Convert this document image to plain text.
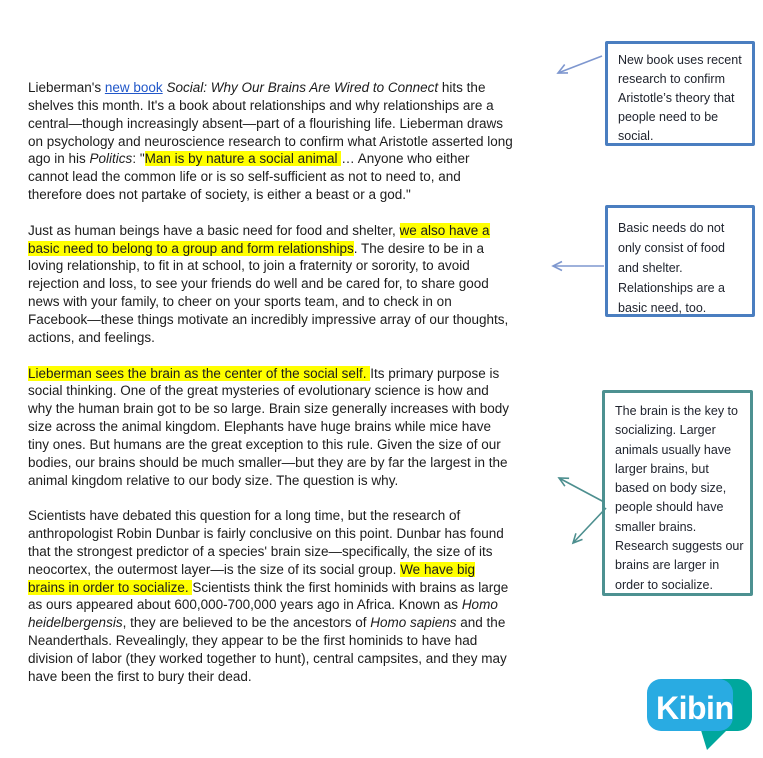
Lieberman's new book Social: Why Our Brains Are Wired to Connect hits the
shelves this month. It's a book about relationships and why relationships are a
central—though increasingly absent—part of a flourishing life. Lieberman draws
on psychology and neuroscience research to confirm what Aristotle asserted long
ago in his Politics: "Man is by nature a social animal … Anyone who either
cannot lead the common life or is so self-sufficient as not to need to, and
therefore does not partake of society, is either a beast or a god."
Just as human beings have a basic need for food and shelter, we also have a
basic need to belong to a group and form relationships. The desire to be in a
loving relationship, to fit in at school, to join a fraternity or sorority, to avoid
rejection and loss, to see your friends do well and be cared for, to share good
news with your family, to cheer on your sports team, and to check in on
Facebook—these things motivate an incredibly impressive array of our thoughts,
actions, and feelings.
Lieberman sees the brain as the center of the social self. Its primary purpose is
social thinking. One of the great mysteries of evolutionary science is how and
why the human brain got to be so large. Brain size generally increases with body
size across the animal kingdom. Elephants have huge brains while mice have
tiny ones. But humans are the great exception to this rule. Given the size of our
bodies, our brains should be much smaller—but they are by far the largest in the
animal kingdom relative to our body size. The question is why.
Scientists have debated this question for a long time, but the research of
anthropologist Robin Dunbar is fairly conclusive on this point. Dunbar has found
that the strongest predictor of a species' brain size—specifically, the size of its
neocortex, the outermost layer—is the size of its social group. We have big
brains in order to socialize. Scientists think the first hominids with brains as large
as ours appeared about 600,000-700,000 years ago in Africa. Known as Homo
heidelbergensis, they are believed to be the ancestors of Homo sapiens and the
Neanderthals. Revealingly, they appear to be the first hominids to have had
division of labor (they worked together to hunt), central campsites, and they may
have been the first to bury their dead.
New book uses recent
research to confirm
Aristotle’s theory that
people need to be
social.
Basic needs do not
only consist of food
and shelter.
Relationships are a
basic need, too.
The brain is the key to
socializing. Larger
animals usually have
larger brains, but
based on body size,
people should have
smaller brains.
Research suggests our
brains are larger in
order to socialize.
Kibin
